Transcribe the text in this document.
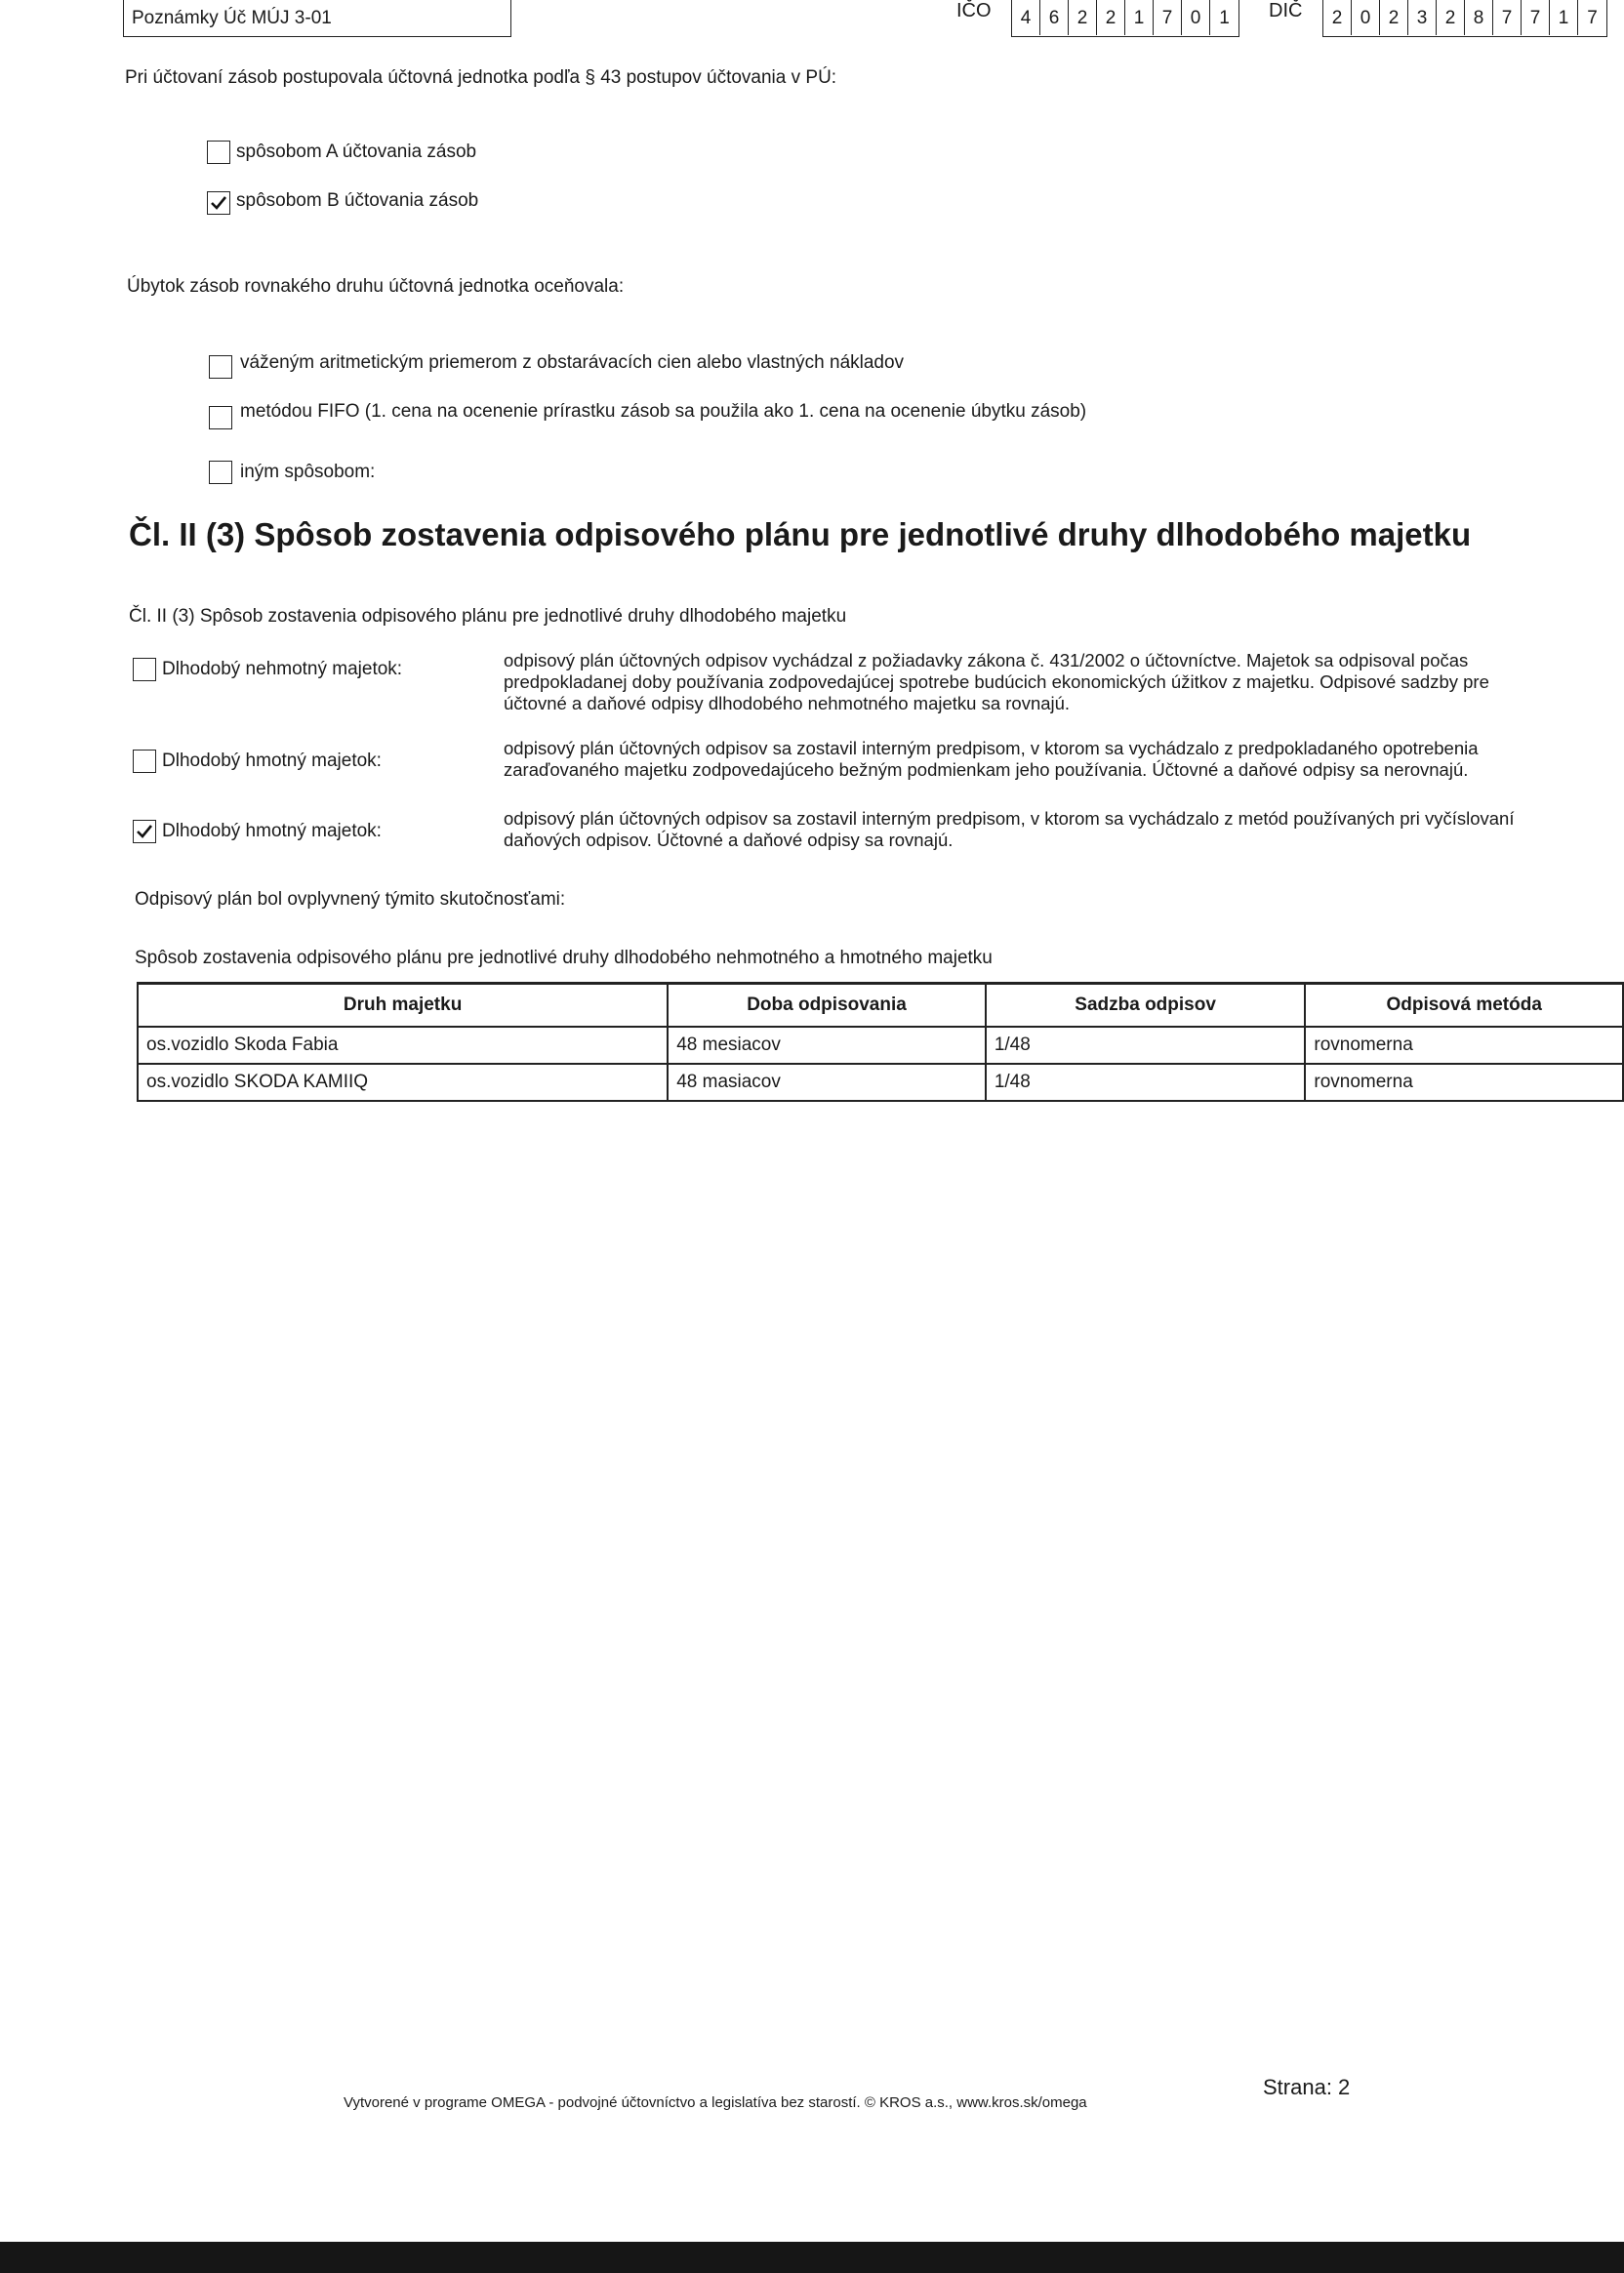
Poznámky Úč MÚJ 3-01	IČO	4 6 2 2 1 7 0 1	DIČ	2 0 2 3 2 8 7 7 1 7
Pri účtovaní zásob postupovala účtovná jednotka podľa § 43 postupov účtovania v PÚ:
spôsobom A účtovania zásob
spôsobom B účtovania zásob
Úbytok zásob rovnakého druhu účtovná jednotka oceňovala:
váženým aritmetickým priemerom z obstarávacích cien alebo vlastných nákladov
metódou FIFO (1. cena na ocenenie prírastku zásob sa použila ako 1. cena na ocenenie úbytku zásob)
iným spôsobom:
Čl. II (3) Spôsob zostavenia odpisového plánu pre jednotlivé druhy dlhodobého majetku
Čl. II (3) Spôsob zostavenia odpisového plánu pre jednotlivé druhy dlhodobého majetku
Dlhodobý nehmotný majetok:	odpisový plán účtovných odpisov vychádzal z požiadavky zákona č. 431/2002 o účtovníctve. Majetok sa odpisoval počas predpokladanej doby používania zodpovedajúcej spotrebe budúcich ekonomických úžitkov z majetku. Odpisové sadzby pre účtovné a daňové odpisy dlhodobého nehmotného majetku sa rovnajú.
Dlhodobý hmotný majetok:
odpisový plán účtovných odpisov sa zostavil interným predpisom, v ktorom sa vychádzalo z predpokladaného opotrebenia zaraďovaného majetku zodpovedajúceho bežným podmienkam jeho používania. Účtovné a daňové odpisy sa nerovnajú.
Dlhodobý hmotný majetok:
odpisový plán účtovných odpisov sa zostavil interným predpisom, v ktorom sa vychádzalo z metód používaných pri vyčíslovaní daňových odpisov. Účtovné a daňové odpisy sa rovnajú.
Odpisový plán bol ovplyvnený týmito skutočnosťami:
Spôsob zostavenia odpisového plánu pre jednotlivé druhy dlhodobého nehmotného a hmotného majetku
Druh majetku	Doba odpisovania	Sadzba odpisov	Odpisová metóda
os.vozidlo Skoda Fabia	48 mesiacov	1/48	rovnomerna
os.vozidlo SKODA KAMIIQ	48 masiacov	1/48	rovnomerna
Vytvorené v programe OMEGA - podvojné účtovníctvo a legislatíva bez starostí. © KROS a.s., www.kros.sk/omega
Strana: 2
